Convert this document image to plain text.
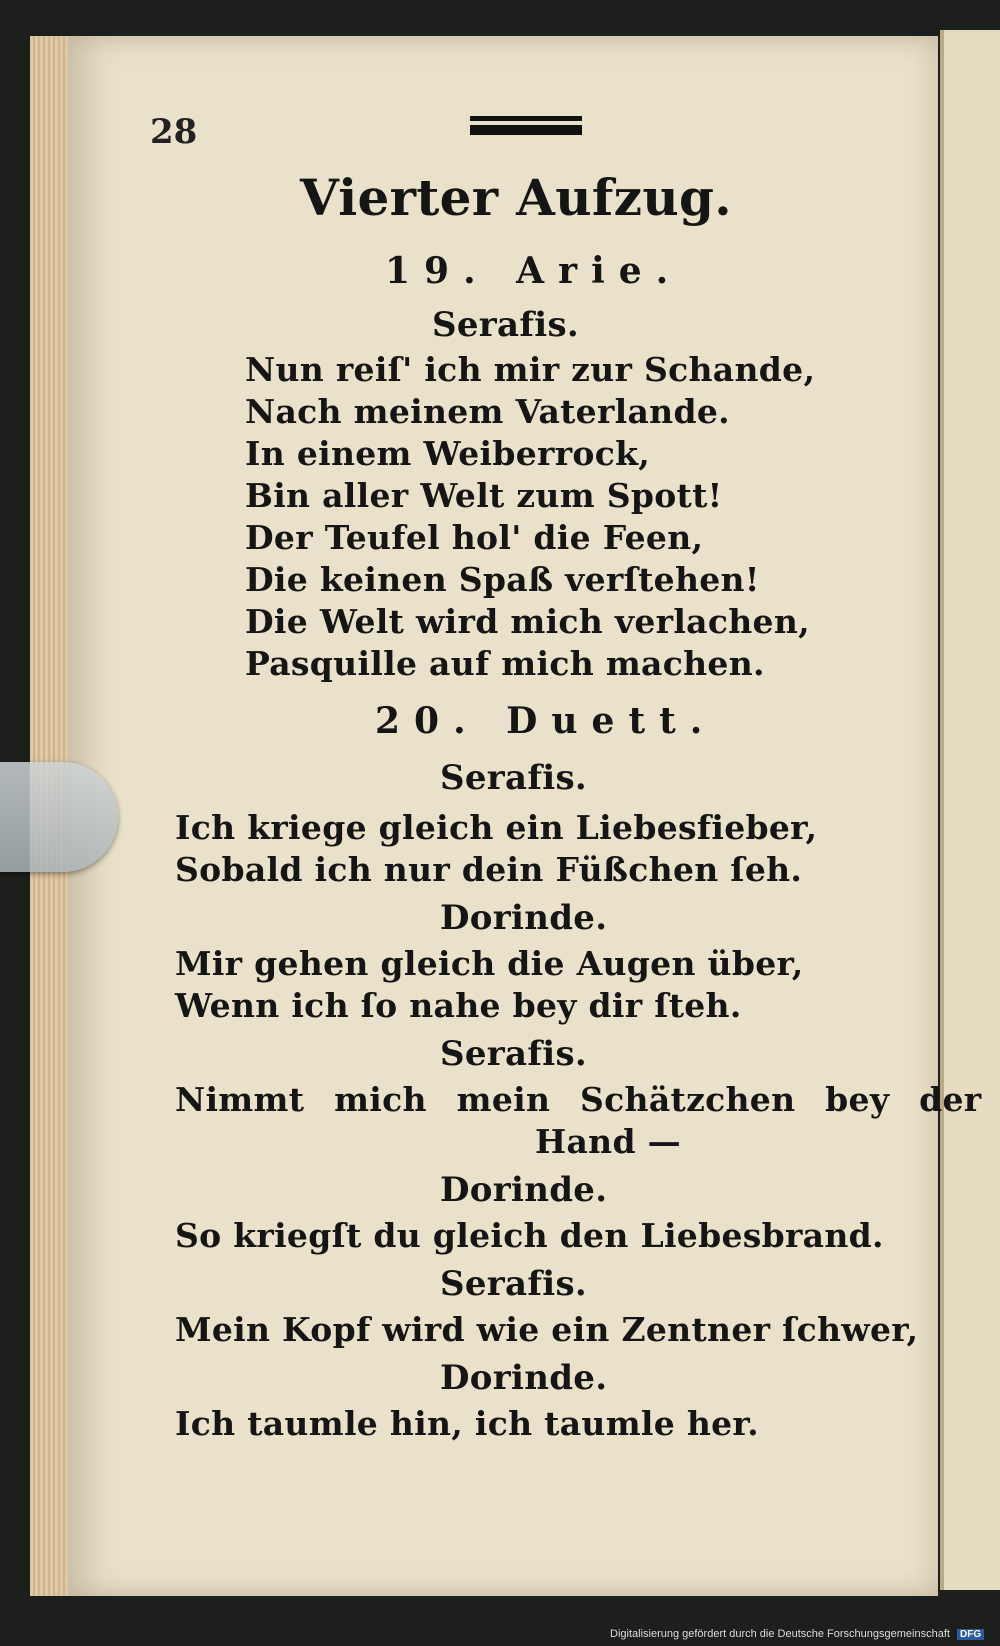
28
Vierter Aufzug.
19. Arie.
Serafis.
Nun reiſ' ich mir zur Schande,
Nach meinem Vaterlande.
In einem Weiberrock,
Bin aller Welt zum Spott!
Der Teufel hol' die Feen,
Die keinen Spaß verſtehen!
Die Welt wird mich verlachen,
Pasquille auf mich machen.
20. Duett.
Serafis.
Ich kriege gleich ein Liebesfieber,
Sobald ich nur dein Füßchen ſeh.
Dorinde.
Mir gehen gleich die Augen über,
Wenn ich ſo nahe bey dir ſteh.
Serafis.
Nimmt mich mein Schätzchen bey der
Hand —
Dorinde.
So kriegſt du gleich den Liebesbrand.
Serafis.
Mein Kopf wird wie ein Zentner ſchwer,
Dorinde.
Ich taumle hin, ich taumle her.
Digitalisierung gefördert durch die Deutsche Forschungsgemeinschaft DFG
